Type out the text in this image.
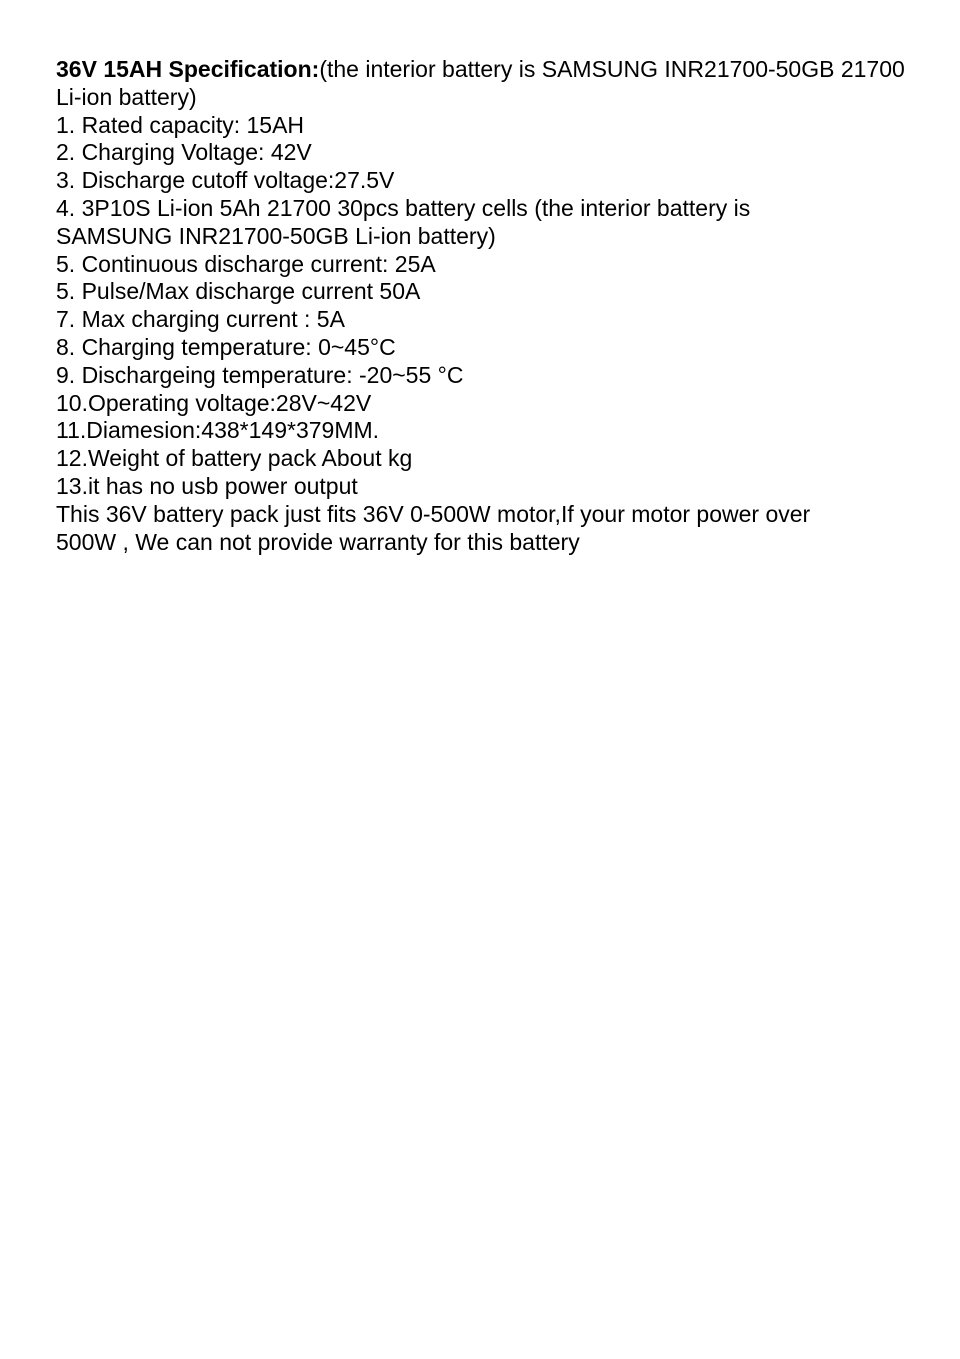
36V 15AH Specification:(the interior battery is SAMSUNG INR21700-50GB 21700 Li-ion battery)

1. Rated capacity: 15AH

2. Charging Voltage: 42V

3. Discharge cutoff voltage:27.5V

4. 3P10S Li-ion 5Ah 21700 30pcs battery cells (the interior battery is SAMSUNG INR21700-50GB Li-ion battery)

5. Continuous discharge current: 25A

5. Pulse/Max discharge current 50A

7. Max charging current : 5A

8. Charging temperature: 0~45°C

9. Dischargeing temperature: -20~55 °C

10.Operating voltage:28V~42V

11.Diamesion:438*149*379MM.

12.Weight of battery pack About kg

13.it has no usb power output

This 36V battery pack just fits 36V 0-500W motor,If your motor power over 500W , We can not provide warranty for this battery
